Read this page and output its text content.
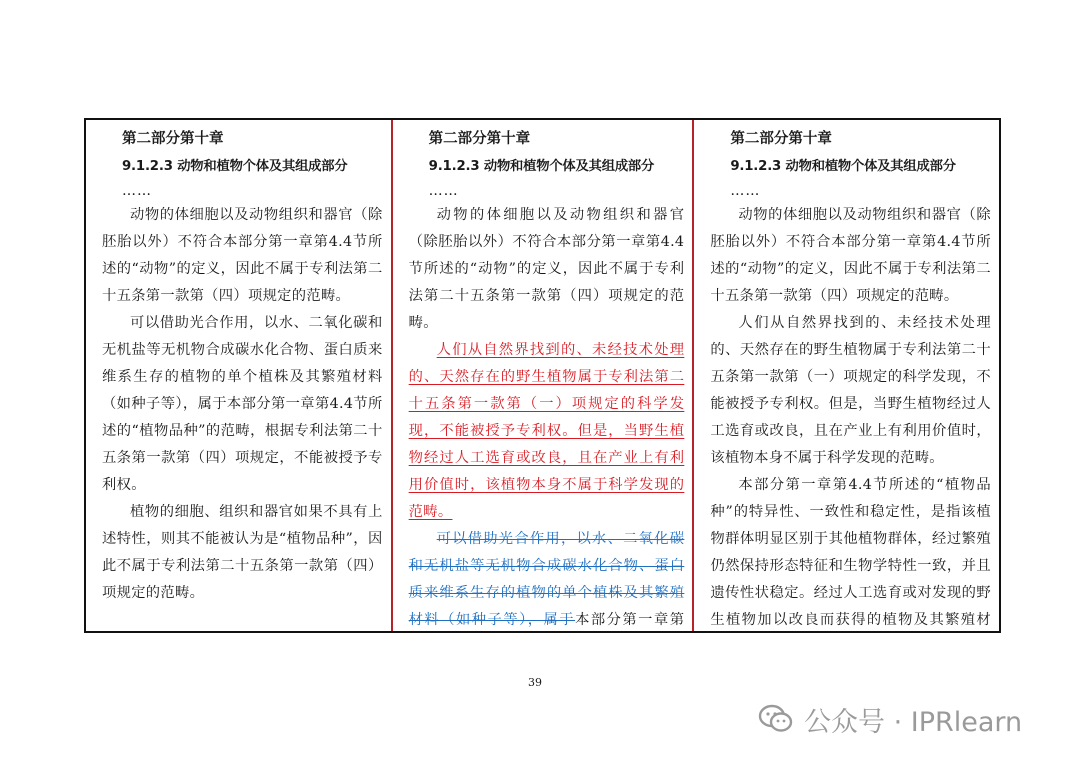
第二部分第十章
9.1.2.3 动物和植物个体及其组成部分
……

动物的体细胞以及动物组织和器官（除胚胎以外）不符合本部分第一章第4.4节所述的“动物”的定义，因此不属于专利法第二十五条第一款第（四）项规定的范畴。

可以借助光合作用，以水、二氧化碳和无机盐等无机物合成碳水化合物、蛋白质来维系生存的植物的单个植株及其繁殖材料（如种子等），属于本部分第一章第4.4节所述的“植物品种”的范畴，根据专利法第二十五条第一款第（四）项规定，不能被授予专利权。

植物的细胞、组织和器官如果不具有上述特性，则其不能被认为是“植物品种”，因此不属于专利法第二十五条第一款第（四）项规定的范畴。

第二部分第十章
9.1.2.3 动物和植物个体及其组成部分
……

动物的体细胞以及动物组织和器官（除胚胎以外）不符合本部分第一章第4.4节所述的“动物”的定义，因此不属于专利法第二十五条第一款第（四）项规定的范畴。

人们从自然界找到的、未经技术处理的、天然存在的野生植物属于专利法第二十五条第一款第（一）项规定的科学发现，不能被授予专利权。但是，当野生植物经过人工选育或改良，且在产业上有利用价值时，该植物本身不属于科学发现的范畴。

可以借助光合作用，以水、二氧化碳和无机盐等无机物合成碳水化合物、蛋白质来维系生存的植物的单个植株及其繁殖材料（如种子等），属于本部分第一章第

第二部分第十章
9.1.2.3 动物和植物个体及其组成部分
……

动物的体细胞以及动物组织和器官（除胚胎以外）不符合本部分第一章第4.4节所述的“动物”的定义，因此不属于专利法第二十五条第一款第（四）项规定的范畴。

人们从自然界找到的、未经技术处理的、天然存在的野生植物属于专利法第二十五条第一款第（一）项规定的科学发现，不能被授予专利权。但是，当野生植物经过人工选育或改良，且在产业上有利用价值时，该植物本身不属于科学发现的范畴。

本部分第一章第4.4节所述的“植物品种”的特异性、一致性和稳定性，是指该植物群体明显区别于其他植物群体，经过繁殖仍然保持形态特征和生物学特性一致，并且遗传性状稳定。经过人工选育或对发现的野生植物加以改良而获得的植物及其繁殖材

39
公众号 · IPRlearn
